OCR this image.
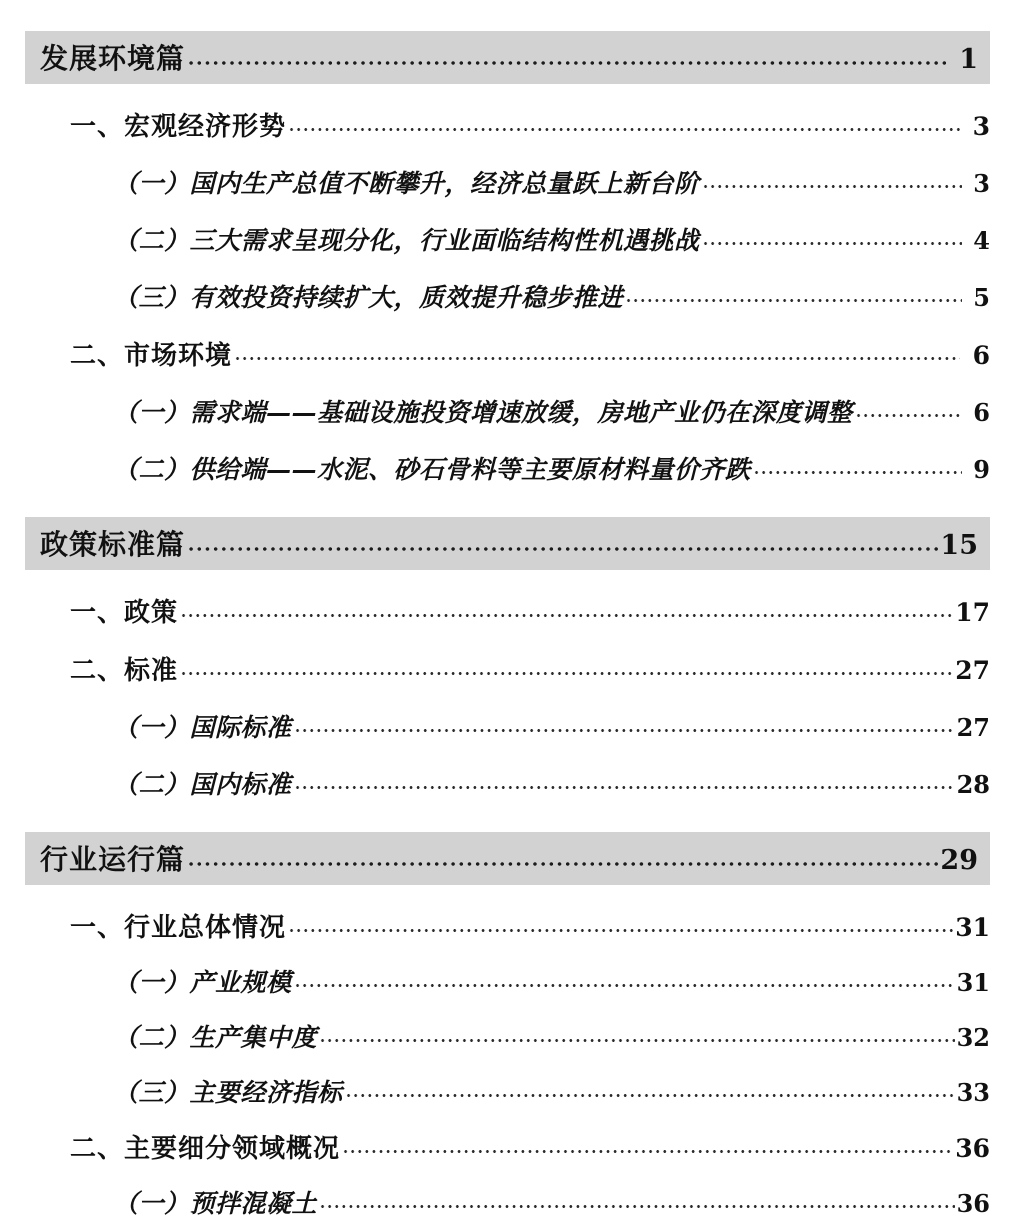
发展环境篇	1
一、宏观经济形势	3
（一）国内生产总值不断攀升，经济总量跃上新台阶	3
（二）三大需求呈现分化，行业面临结构性机遇挑战	4
（三）有效投资持续扩大，质效提升稳步推进	5
二、市场环境	6
（一）需求端——基础设施投资增速放缓，房地产业仍在深度调整	6
（二）供给端——水泥、砂石骨料等主要原材料量价齐跌	9
政策标准篇	15
一、政策	17
二、标准	27
（一）国际标准	27
（二）国内标准	28
行业运行篇	29
一、行业总体情况	31
（一）产业规模	31
（二）生产集中度	32
（三）主要经济指标	33
二、主要细分领域概况	36
（一）预拌混凝土	36
